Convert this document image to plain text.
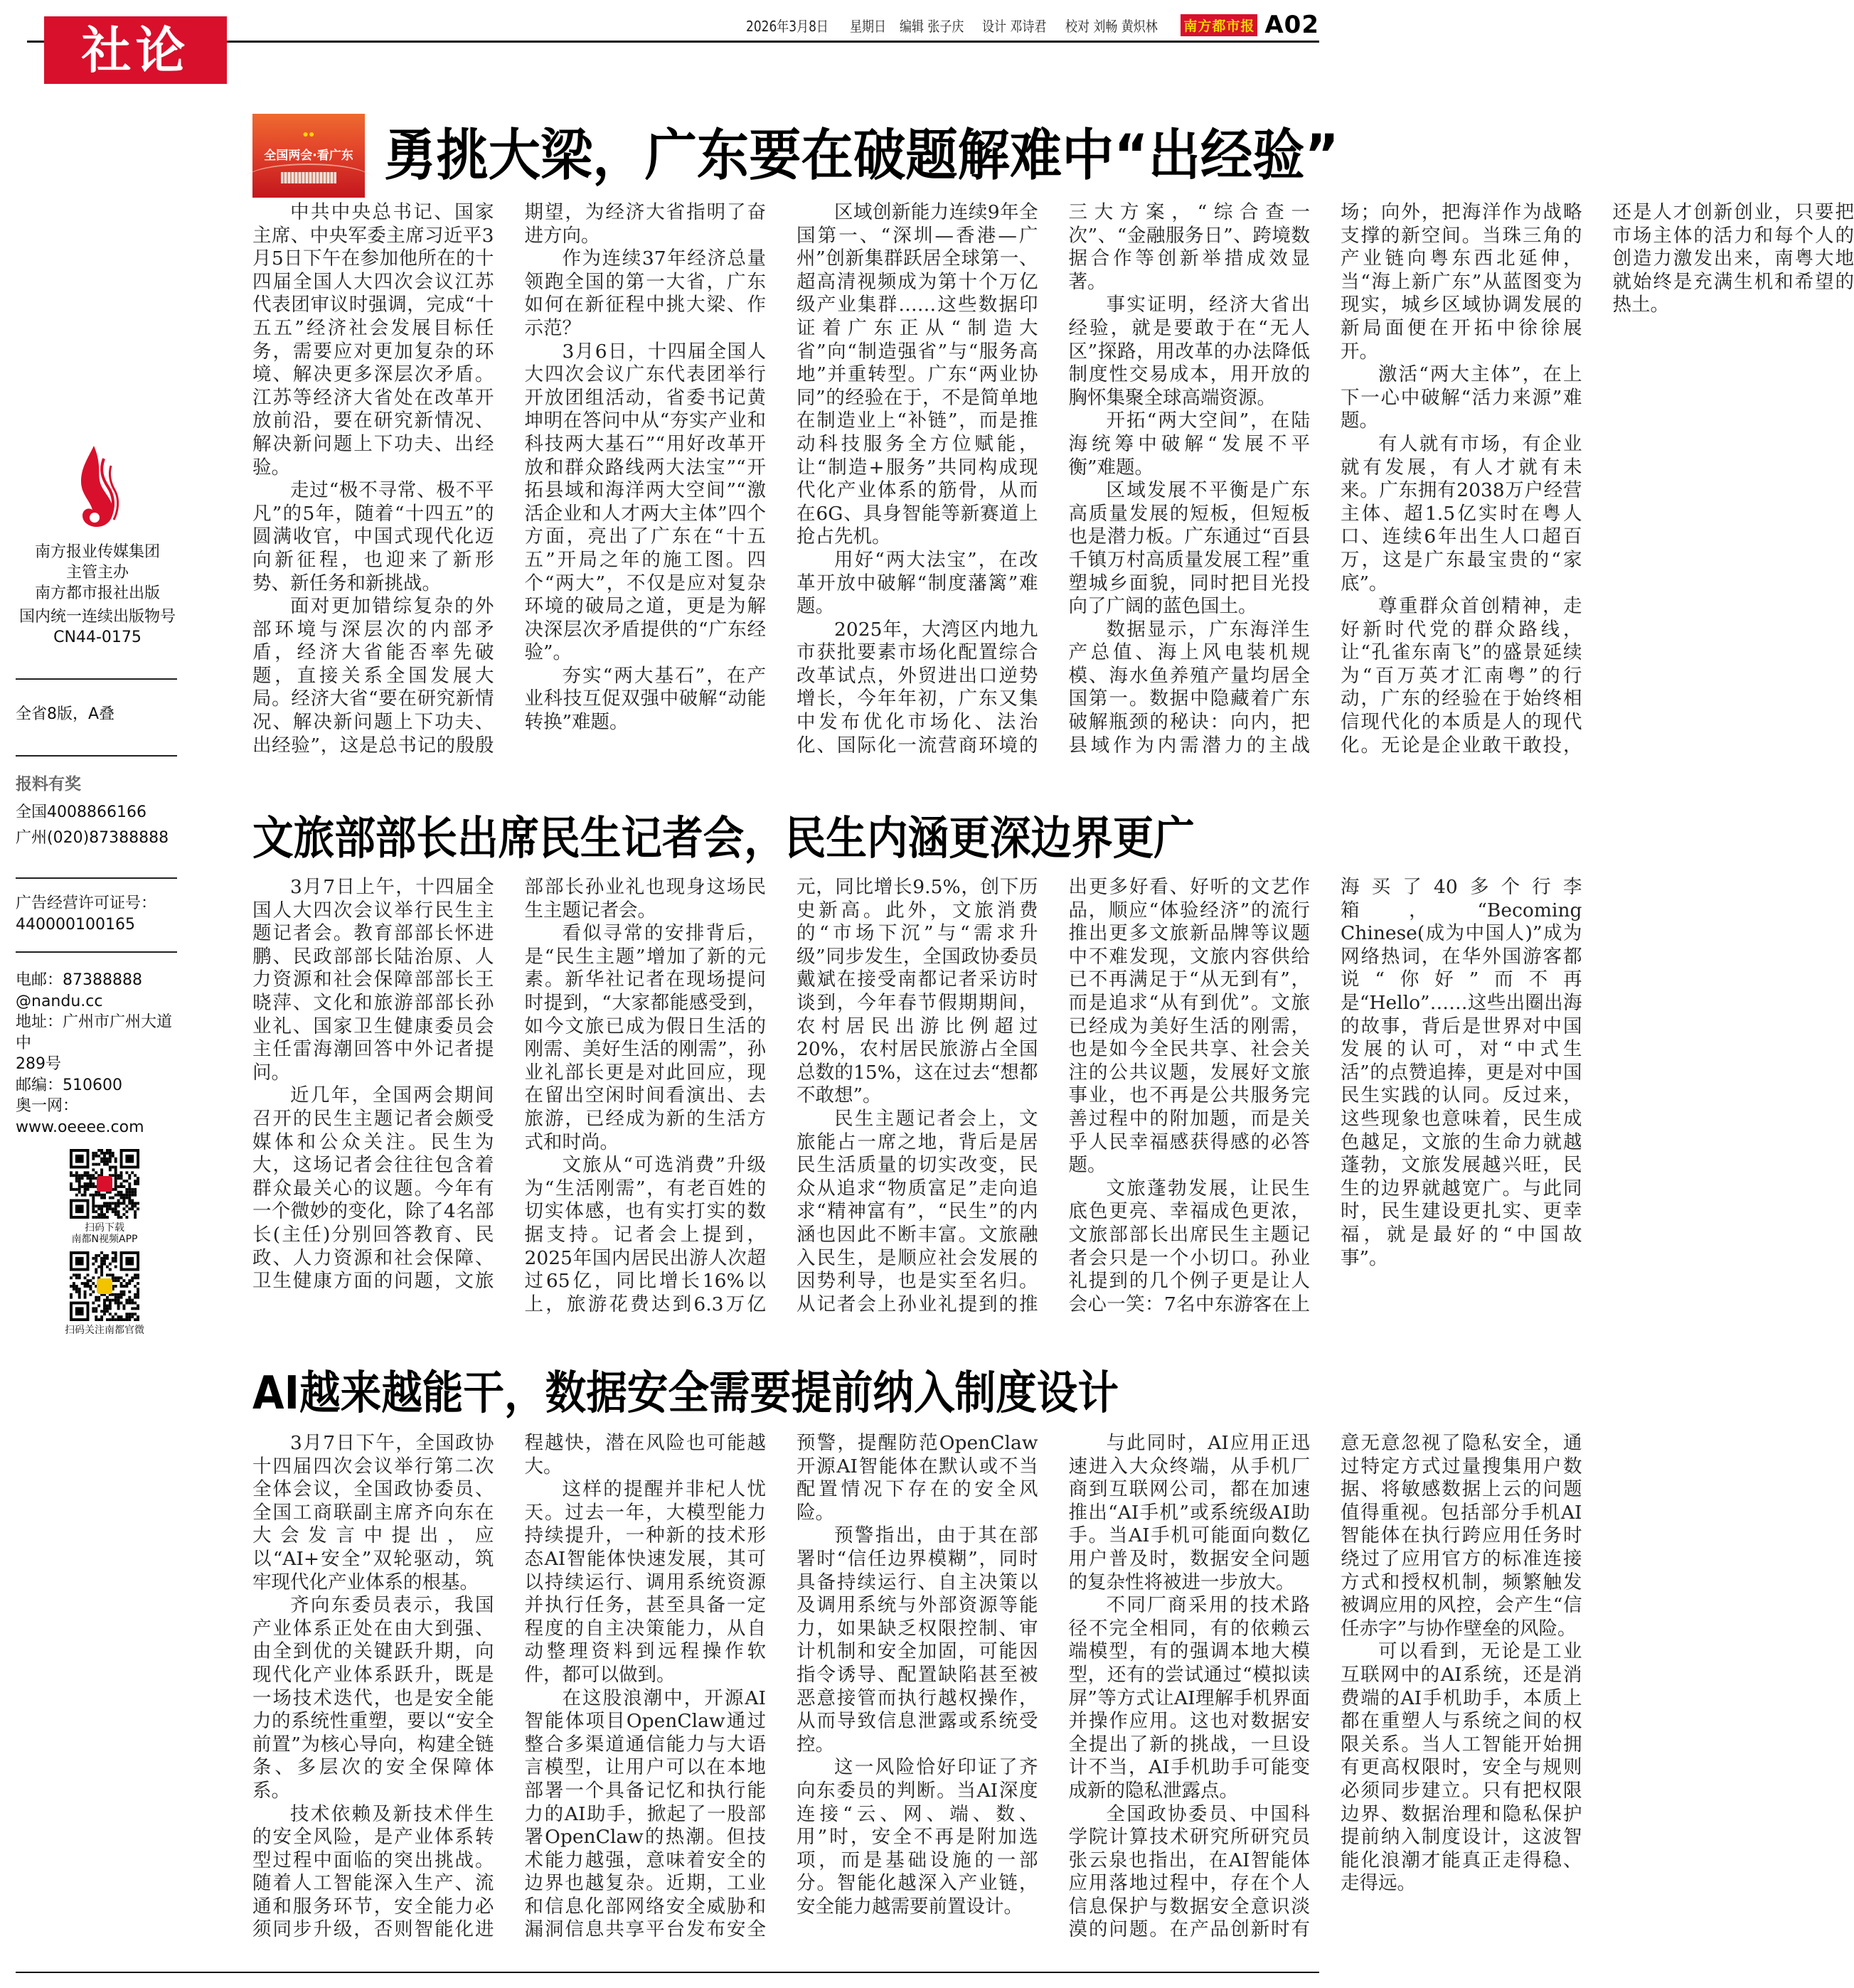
社论	2026年3月8日 星期日 编辑 张子庆 设计 邓诗君 校对 刘畅 黄炽林 南方都市报 A02
●●
全国两会·看广东 勇挑大梁，广东要在破题解难中“出经验”

中共中央总书记、国家主席、中央军委主席习近平3月5日下午在参加他所在的十四届全国人大四次会议江苏代表团审议时强调，完成“十五五”经济社会发展目标任务，需要应对更加复杂的环境、解决更多深层次矛盾。江苏等经济大省处在改革开放前沿，要在研究新情况、解决新问题上下功夫、出经验。

走过“极不寻常、极不平凡”的5年，随着“十四五”的圆满收官，中国式现代化迈向新征程，也迎来了新形势、新任务和新挑战。

面对更加错综复杂的外部环境与深层次的内部矛盾，经济大省能否率先破题，直接关系全国发展大局。经济大省“要在研究新情况、解决新问题上下功夫、出经验”，这是总书记的殷殷期望，为经济大省指明了奋进方向。

作为连续37年经济总量领跑全国的第一大省，广东如何在新征程中挑大梁、作示范？

3月6日，十四届全国人大四次会议广东代表团举行开放团组活动，省委书记黄坤明在答问中从“夯实产业和科技两大基石”“用好改革开放和群众路线两大法宝”“开拓县域和海洋两大空间”“激活企业和人才两大主体”四个方面，亮出了广东在“十五五”开局之年的施工图。四个“两大”，不仅是应对复杂环境的破局之道，更是为解决深层次矛盾提供的“广东经验”。

夯实“两大基石”，在产业科技互促双强中破解“动能转换”难题。

区域创新能力连续9年全国第一、“深圳—香港—广州”创新集群跃居全球第一、超高清视频成为第十个万亿级产业集群……这些数据印证着广东正从“制造大省”向“制造强省”与“服务高地”并重转型。广东“两业协同”的经验在于，不是简单地在制造业上“补链”，而是推动科技服务全方位赋能，让“制造+服务”共同构成现代化产业体系的筋骨，从而在6G、具身智能等新赛道上抢占先机。

用好“两大法宝”，在改革开放中破解“制度藩篱”难题。

2025年，大湾区内地九市获批要素市场化配置综合改革试点，外贸进出口逆势增长，今年年初，广东又集中发布优化市场化、法治化、国际化一流营商环境的三大方案，“综合查一次”、“金融服务日”、跨境数据合作等创新举措成效显著。

事实证明，经济大省出经验，就是要敢于在“无人区”探路，用改革的办法降低制度性交易成本，用开放的胸怀集聚全球高端资源。

开拓“两大空间”，在陆海统筹中破解“发展不平衡”难题。

区域发展不平衡是广东高质量发展的短板，但短板也是潜力板。广东通过“百县千镇万村高质量发展工程”重塑城乡面貌，同时把目光投向了广阔的蓝色国土。

数据显示，广东海洋生产总值、海上风电装机规模、海水鱼养殖产量均居全国第一。数据中隐藏着广东破解瓶颈的秘诀：向内，把县域作为内需潜力的主战场；向外，把海洋作为战略支撑的新空间。当珠三角的产业链向粤东西北延伸，当“海上新广东”从蓝图变为现实，城乡区域协调发展的新局面便在开拓中徐徐展开。

激活“两大主体”，在上下一心中破解“活力来源”难题。

有人就有市场，有企业就有发展，有人才就有未来。广东拥有2038万户经营主体、超1.5亿实时在粤人口、连续6年出生人口超百万，这是广东最宝贵的“家底”。

尊重群众首创精神，走好新时代党的群众路线，让“孔雀东南飞”的盛景延续为“百万英才汇南粤”的行动，广东的经验在于始终相信现代化的本质是人的现代化。无论是企业敢干敢投，还是人才创新创业，只要把市场主体的活力和每个人的创造力激发出来，南粤大地就始终是充满生机和希望的热土。

文旅部部长出席民生记者会，民生内涵更深边界更广

3月7日上午，十四届全国人大四次会议举行民生主题记者会。教育部部长怀进鹏、民政部部长陆治原、人力资源和社会保障部部长王晓萍、文化和旅游部部长孙业礼、国家卫生健康委员会主任雷海潮回答中外记者提问。

近几年，全国两会期间召开的民生主题记者会颇受媒体和公众关注。民生为大，这场记者会往往包含着群众最关心的议题。今年有一个微妙的变化，除了4名部长(主任)分别回答教育、民政、人力资源和社会保障、卫生健康方面的问题，文旅部部长孙业礼也现身这场民生主题记者会。

看似寻常的安排背后，是“民生主题”增加了新的元素。新华社记者在现场提问时提到，“大家都能感受到，如今文旅已成为假日生活的刚需、美好生活的刚需”，孙业礼部长更是对此回应，现在留出空闲时间看演出、去旅游，已经成为新的生活方式和时尚。

文旅从“可选消费”升级为“生活刚需”，有老百姓的切实体感，也有实打实的数据支持。记者会上提到，2025年国内居民出游人次超过65亿，同比增长16%以上，旅游花费达到6.3万亿元，同比增长9.5%，创下历史新高。此外，文旅消费的“市场下沉”与“需求升级”同步发生，全国政协委员戴斌在接受南都记者采访时谈到，今年春节假期期间，农村居民出游比例超过20%，农村居民旅游占全国总数的15%，这在过去“想都不敢想”。

民生主题记者会上，文旅能占一席之地，背后是居民生活质量的切实改变，民众从追求“物质富足”走向追求“精神富有”，“民生”的内涵也因此不断丰富。文旅融入民生，是顺应社会发展的因势利导，也是实至名归。从记者会上孙业礼提到的推出更多好看、好听的文艺作品，顺应“体验经济”的流行推出更多文旅新品牌等议题中不难发现，文旅内容供给已不再满足于“从无到有”，而是追求“从有到优”。文旅已经成为美好生活的刚需，也是如今全民共享、社会关注的公共议题，发展好文旅事业，也不再是公共服务完善过程中的附加题，而是关乎人民幸福感获得感的必答题。

文旅蓬勃发展，让民生底色更亮、幸福成色更浓，文旅部部长出席民生主题记者会只是一个小切口。孙业礼提到的几个例子更是让人会心一笑：7名中东游客在上海买了40多个行李箱，“Becoming Chinese(成为中国人)”成为网络热词，在华外国游客都说“你好”而不再是“Hello”……这些出圈出海的故事，背后是世界对中国发展的认可，对“中式生活”的点赞追捧，更是对中国民生实践的认同。反过来，这些现象也意味着，民生成色越足，文旅的生命力就越蓬勃，文旅发展越兴旺，民生的边界就越宽广。与此同时，民生建设更扎实、更幸福，就是最好的“中国故事”。

AI越来越能干，数据安全需要提前纳入制度设计

3月7日下午，全国政协十四届四次会议举行第二次全体会议，全国政协委员、全国工商联副主席齐向东在大会发言中提出，应以“AI+安全”双轮驱动，筑牢现代化产业体系的根基。

齐向东委员表示，我国产业体系正处在由大到强、由全到优的关键跃升期，向现代化产业体系跃升，既是一场技术迭代，也是安全能力的系统性重塑，要以“安全前置”为核心导向，构建全链条、多层次的安全保障体系。

技术依赖及新技术伴生的安全风险，是产业体系转型过程中面临的突出挑战。随着人工智能深入生产、流通和服务环节，安全能力必须同步升级，否则智能化进程越快，潜在风险也可能越大。

这样的提醒并非杞人忧天。过去一年，大模型能力持续提升，一种新的技术形态AI智能体快速发展，其可以持续运行、调用系统资源并执行任务，甚至具备一定程度的自主决策能力，从自动整理资料到远程操作软件，都可以做到。

在这股浪潮中，开源AI智能体项目OpenClaw通过整合多渠道通信能力与大语言模型，让用户可以在本地部署一个具备记忆和执行能力的AI助手，掀起了一股部署OpenClaw的热潮。但技术能力越强，意味着安全的边界也越复杂。近期，工业和信息化部网络安全威胁和漏洞信息共享平台发布安全预警，提醒防范OpenClaw开源AI智能体在默认或不当配置情况下存在的安全风险。

预警指出，由于其在部署时“信任边界模糊”，同时具备持续运行、自主决策以及调用系统与外部资源等能力，如果缺乏权限控制、审计机制和安全加固，可能因指令诱导、配置缺陷甚至被恶意接管而执行越权操作，从而导致信息泄露或系统受控。

这一风险恰好印证了齐向东委员的判断。当AI深度连接“云、网、端、数、用”时，安全不再是附加选项，而是基础设施的一部分。智能化越深入产业链，安全能力越需要前置设计。

与此同时，AI应用正迅速进入大众终端，从手机厂商到互联网公司，都在加速推出“AI手机”或系统级AI助手。当AI手机可能面向数亿用户普及时，数据安全问题的复杂性将被进一步放大。

不同厂商采用的技术路径不完全相同，有的依赖云端模型，有的强调本地大模型，还有的尝试通过“模拟读屏”等方式让AI理解手机界面并操作应用。这也对数据安全提出了新的挑战，一旦设计不当，AI手机助手可能变成新的隐私泄露点。

全国政协委员、中国科学院计算技术研究所研究员张云泉也指出，在AI智能体应用落地过程中，存在个人信息保护与数据安全意识淡漠的问题。在产品创新时有意无意忽视了隐私安全，通过特定方式过量搜集用户数据、将敏感数据上云的问题值得重视。包括部分手机AI智能体在执行跨应用任务时绕过了应用官方的标准连接方式和授权机制，频繁触发被调应用的风控，会产生“信任赤字”与协作壁垒的风险。

可以看到，无论是工业互联网中的AI系统，还是消费端的AI手机助手，本质上都在重塑人与系统之间的权限关系。当人工智能开始拥有更高权限时，安全与规则必须同步建立。只有把权限边界、数据治理和隐私保护提前纳入制度设计，这波智能化浪潮才能真正走得稳、走得远。

南方报业传媒集团
主管主办
南方都市报社出版
国内统一连续出版物号
CN44-0175
全省8版，A叠
报料有奖
全国4008866166
广州(020)87388888
广告经营许可证号：
440000100165
电邮：87388888
@nandu.cc
地址：广州市广州大道中
289号
邮编：510600
奥一网：
www.oeeee.com
扫码下载
南都N视频APP
扫码关注南都官微
